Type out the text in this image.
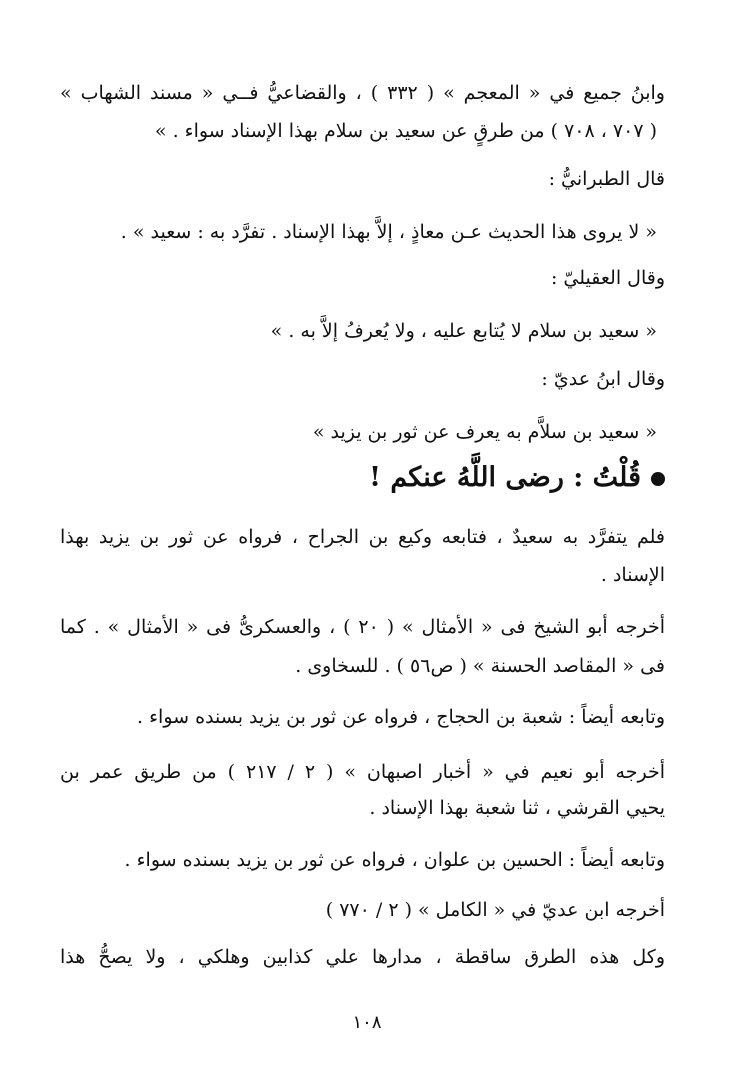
وابنُ جميع في « المعجم » ( ٣٣٢ ) ، والقضاعيُّ فــي « مسند الشهاب »
( ٧٠٧ ، ٧٠٨ ) من طرقٍ عن سعيد بن سلام بهذا الإسناد سواء . »
قال الطبرانيُّ :
« لا يروى هذا الحديث عـن معاذٍ ، إلاَّ بهذا الإسناد . تفرَّد به : سعيد » .
وقال العقيليّ :
« سعيد بن سلام لا يُتابع عليه ، ولا يُعرفُ إلاَّ به . »
وقال ابنُ عديّ :
« سعيد بن سلاَّم به يعرف عن ثور بن يزيد »
قُلْتُ : رضى اللَّهُ عنكم !
فلم يتفرَّد به سعيدٌ ، فتابعه وكيع بن الجراح ، فرواه عن ثور بن يزيد بهذا
الإسناد .
أخرجه أبو الشيخ فى « الأمثال » ( ٢٠ ) ، والعسكرىُّ فى « الأمثال » . كما
فى « المقاصد الحسنة » ( ص٥٦ ) . للسخاوى .
وتابعه أيضاً : شعبة بن الحجاج ، فرواه عن ثور بن يزيد بسنده سواء .
أخرجه أبو نعيم في « أخبار اصبهان » ( ٢ / ٢١٧ ) من طريق عمر بن
يحيي القرشي ، ثنا شعبة بهذا الإسناد .
وتابعه أيضاً : الحسين بن علوان ، فرواه عن ثور بن يزيد بسنده سواء .
أخرجه ابن عديّ في « الكامل » ( ٢ / ٧٧٠ )
وكل هذه الطرق ساقطة ، مدارها علي كذابين وهلكي ، ولا يصحُّ هذا
١٠٨
